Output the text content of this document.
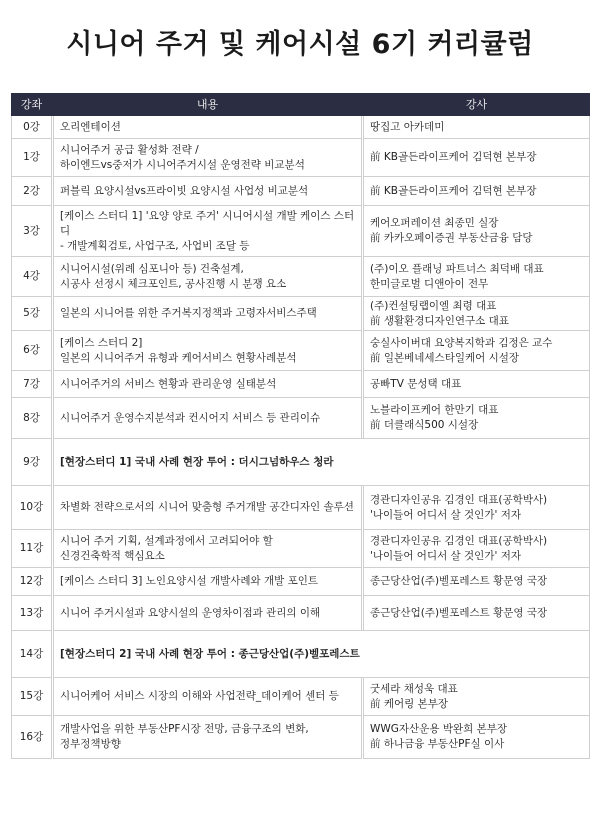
시니어 주거 및 케어시설 6기 커리큘럼
강좌		내용		강사
0강		오리엔테이션		땅집고 아카데미

1강		시니어주거 공급 활성화 전략 /
하이엔드vs중저가 시니어주거시설 운영전략 비교분석		前 KB골든라이프케어 김덕현 본부장

2강		퍼블릭 요양시설vs프라이빗 요양시설 사업성 비교분석		前 KB골든라이프케어 김덕현 본부장

3강		[케이스 스터디 1] '요양 양로 주거' 시니어시설 개발 케이스 스터디
- 개발계획검토, 사업구조, 사업비 조달 등		케어오퍼레이션 최종민 실장
前 카카오페이증권 부동산금융 담당

4강		시니어시설(위례 심포니아 등) 건축설계,
시공사 선정시 체크포인트, 공사진행 시 분쟁 요소		(주)이오 플래닝 파트너스 최덕배 대표
한미글로벌 디앤아이 전무

5강		일본의 시니어를 위한 주거복지정책과 고령자서비스주택		(주)컨설팅랩이엘 최령 대표
前 생활환경디자인연구소 대표

6강		[케이스 스터디 2]
일본의 시니어주거 유형과 케어서비스 현황사례분석		숭실사이버대 요양복지학과 김정은 교수
前 일본베네세스타일케어 시설장

7강		시니어주거의 서비스 현황과 관리운영 실태분석		공빠TV 문성택 대표

8강		시니어주거 운영수지분석과 컨시어지 서비스 등 관리이슈		노블라이프케어 한만기 대표
前 더클래식500 시설장

9강		[현장스터디 1] 국내 사례 현장 투어 : 더시그넘하우스 청라		
10강		차별화 전략으로서의 시니어 맞춤형 주거개발 공간디자인 솔루션		경관디자인공유 김경인 대표(공학박사)
'나이들어 어디서 살 것인가' 저자

11강		시니어 주거 기획, 설계과정에서 고려되어야 할
신경건축학적 핵심요소		경관디자인공유 김경인 대표(공학박사)
'나이들어 어디서 살 것인가' 저자

12강		[케이스 스터디 3] 노인요양시설 개발사례와 개발 포인트		종근당산업(주)벨포레스트 황문영 국장

13강		시니어 주거시설과 요양시설의 운영차이점과 관리의 이해		종근당산업(주)벨포레스트 황문영 국장

14강		[현장스터디 2] 국내 사례 현장 투어 : 종근당산업(주)벨포레스트		
15강		시니어케어 서비스 시장의 이해와 사업전략_데이케어 센터 등		굿세라 채성욱 대표
前 케어링 본부장

16강		개발사업을 위한 부동산PF시장 전망, 금융구조의 변화,
정부정책방향		WWG자산운용 박완희 본부장
前 하나금융 부동산PF실 이사
